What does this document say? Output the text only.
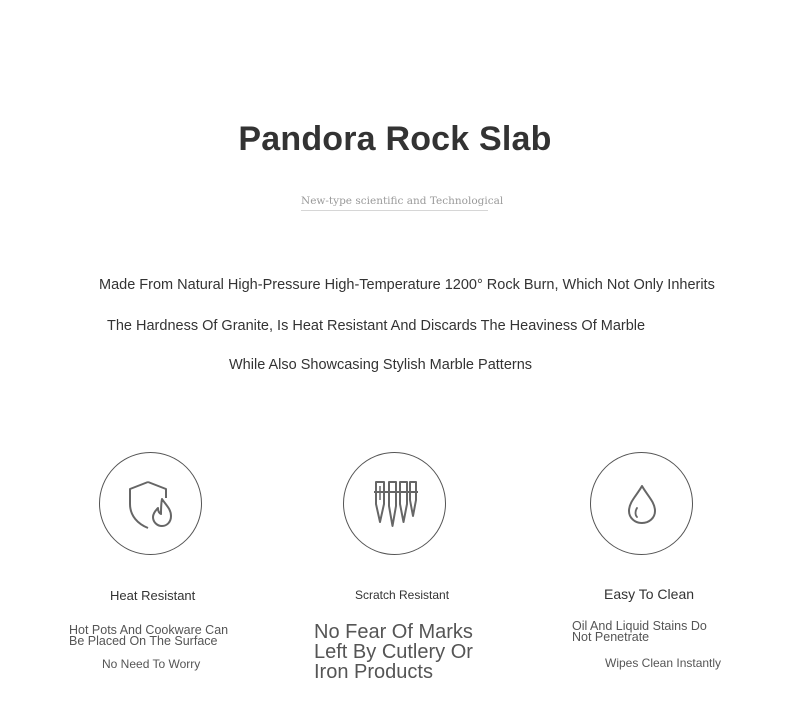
Pandora Rock Slab
New-type scientific and Technological
Made From Natural High-Pressure High-Temperature 1200° Rock Burn, Which Not Only Inherits
The Hardness Of Granite, Is Heat Resistant And Discards The Heaviness Of Marble
While Also Showcasing Stylish Marble Patterns
Heat Resistant
Hot Pots And Cookware Can
Be Placed On The Surface
No Need To Worry
Scratch Resistant
No Fear Of Marks
Left By Cutlery Or
Iron Products
Easy To Clean
Oil And Liquid Stains Do
Not Penetrate
Wipes Clean Instantly
